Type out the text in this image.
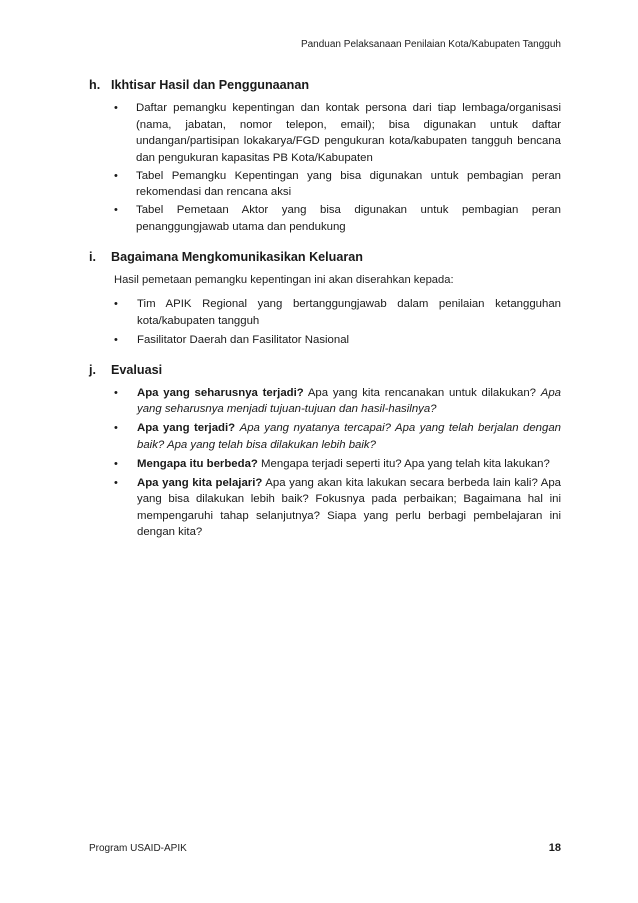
Panduan Pelaksanaan Penilaian Kota/Kabupaten Tangguh
h. Ikhtisar Hasil dan Penggunaanan
• Daftar pemangku kepentingan dan kontak persona dari tiap lembaga/organisasi (nama, jabatan, nomor telepon, email); bisa digunakan untuk daftar undangan/partisipan lokakarya/FGD pengukuran kota/kabupaten tangguh bencana dan pengukuran kapasitas PB Kota/Kabupaten
• Tabel Pemangku Kepentingan yang bisa digunakan untuk pembagian peran rekomendasi dan rencana aksi
• Tabel Pemetaan Aktor yang bisa digunakan untuk pembagian peran penanggungjawab utama dan pendukung
i.	Bagaimana Mengkomunikasikan Keluaran
Hasil pemetaan pemangku kepentingan ini akan diserahkan kepada:
• Tim APIK Regional yang bertanggungjawab dalam penilaian ketangguhan kota/kabupaten tangguh
• Fasilitator Daerah dan Fasilitator Nasional
j.	Evaluasi
• Apa yang seharusnya terjadi? Apa yang kita rencanakan untuk dilakukan? Apa yang seharusnya menjadi tujuan-tujuan dan hasil-hasilnya?
• Apa yang terjadi? Apa yang nyatanya tercapai? Apa yang telah berjalan dengan baik? Apa yang telah bisa dilakukan lebih baik?
• Mengapa itu berbeda? Mengapa terjadi seperti itu? Apa yang telah kita lakukan?
• Apa yang kita pelajari? Apa yang akan kita lakukan secara berbeda lain kali? Apa yang bisa dilakukan lebih baik? Fokusnya pada perbaikan; Bagaimana hal ini mempengaruhi tahap selanjutnya? Siapa yang perlu berbagi pembelajaran ini dengan kita?
Program USAID-APIK	18
